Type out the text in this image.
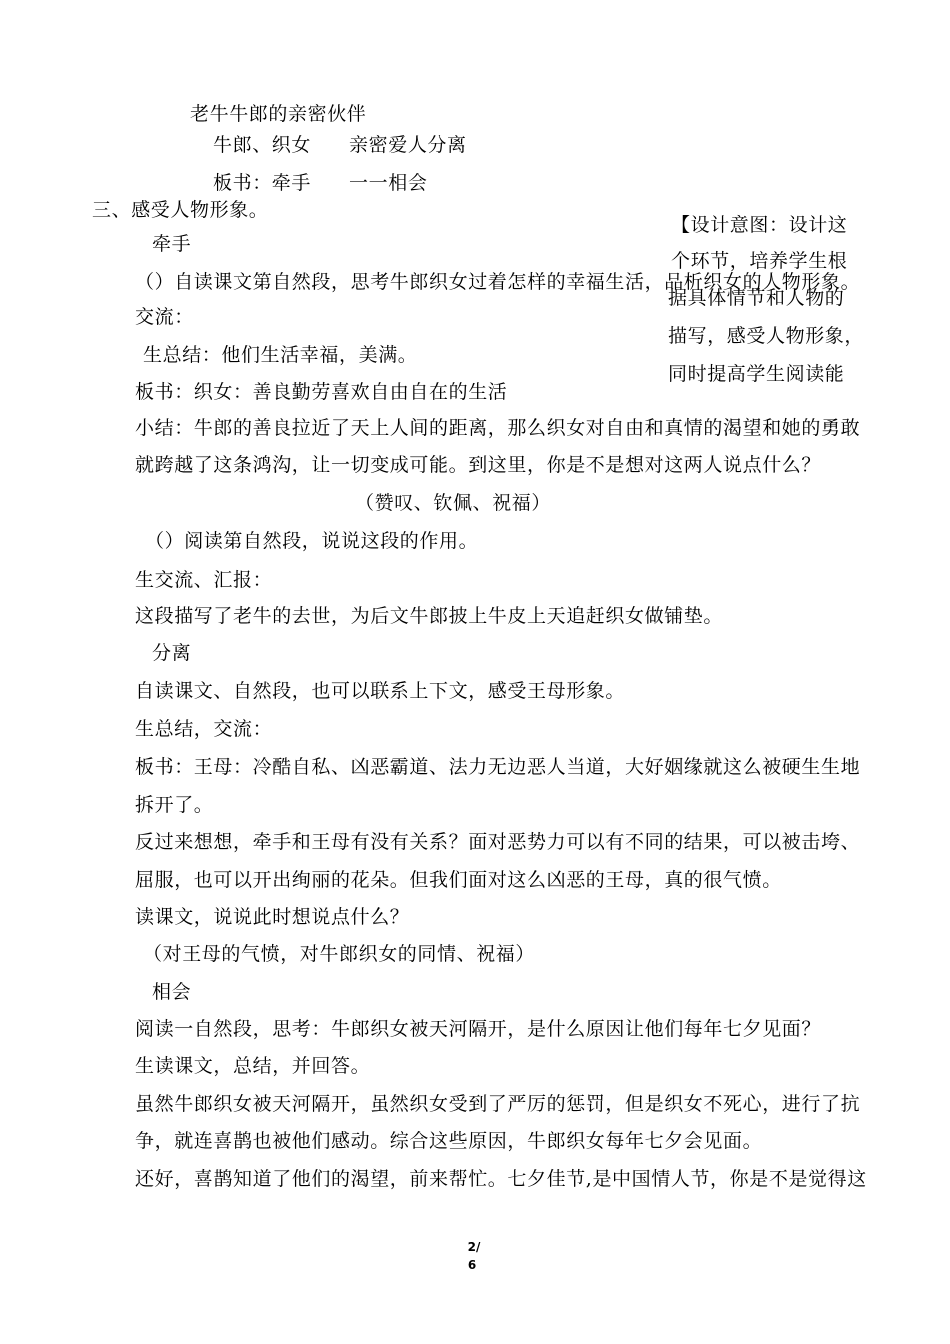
老牛牛郎的亲密伙伴
牛郎、织女 亲密爱人分离
板书：牵手 一一相会
三、感受人物形象。
牵手
（）自读课文第自然段，思考牛郎织女过着怎样的幸福生活，品析织女的人物形象。
交流：
生总结：他们生活幸福，美满。
板书：织女：善良勤劳喜欢自由自在的生活
小结：牛郎的善良拉近了天上人间的距离，那么织女对自由和真情的渴望和她的勇敢
就跨越了这条鸿沟，让一切变成可能。到这里，你是不是想对这两人说点什么？
（赞叹、钦佩、祝福）
（）阅读第自然段，说说这段的作用。
生交流、汇报：
这段描写了老牛的去世，为后文牛郎披上牛皮上天追赶织女做铺垫。
分离
自读课文、自然段，也可以联系上下文，感受王母形象。
生总结，交流：
板书：王母：冷酷自私、凶恶霸道、法力无边恶人当道，大好姻缘就这么被硬生生地
拆开了。
反过来想想，牵手和王母有没有关系？面对恶势力可以有不同的结果，可以被击垮、
屈服，也可以开出绚丽的花朵。但我们面对这么凶恶的王母，真的很气愤。
读课文，说说此时想说点什么？
（对王母的气愤，对牛郎织女的同情、祝福）
相会
阅读一自然段，思考：牛郎织女被天河隔开，是什么原因让他们每年七夕见面？
生读课文，总结，并回答。
虽然牛郎织女被天河隔开，虽然织女受到了严厉的惩罚，但是织女不死心，进行了抗
争，就连喜鹊也被他们感动。综合这些原因，牛郎织女每年七夕会见面。
还好，喜鹊知道了他们的渴望，前来帮忙。七夕佳节,是中国情人节，你是不是觉得这
【设计意图：设计这
个环节，培养学生根
据具体情节和人物的
描写，感受人物形象，
同时提高学生阅读能
2/
6
